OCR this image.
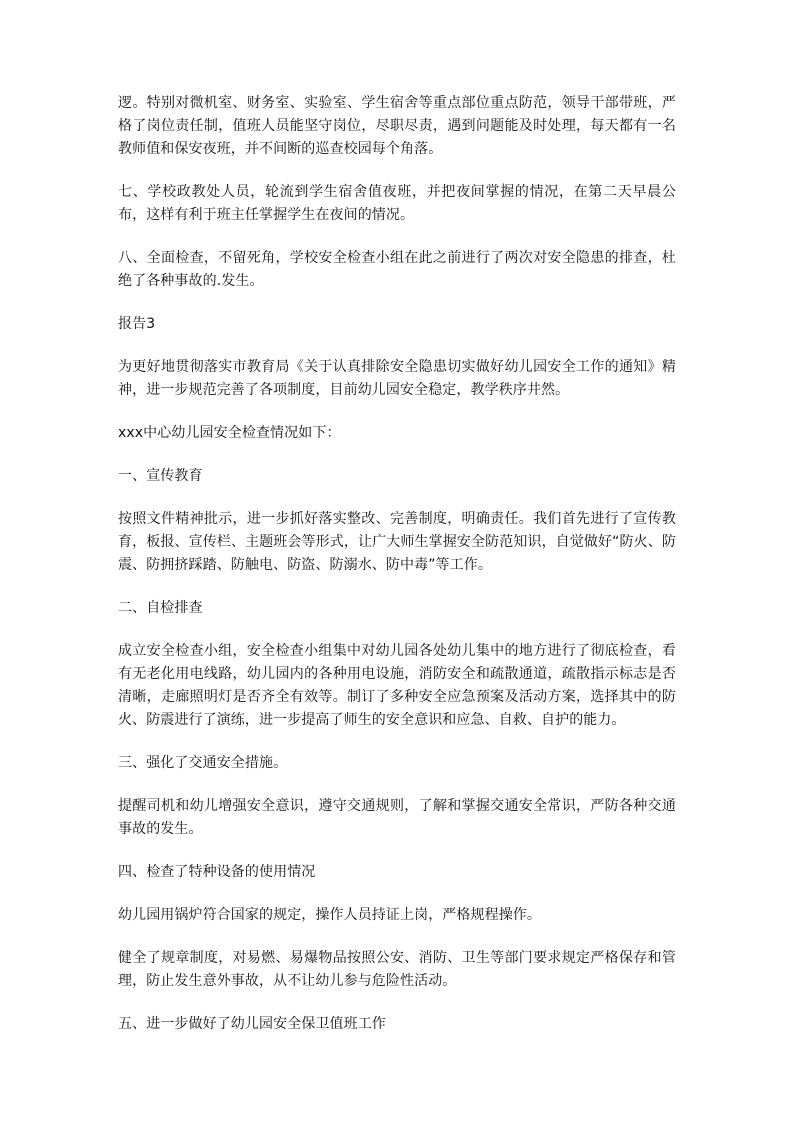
逻。特别对微机室、财务室、实验室、学生宿舍等重点部位重点防范，领导干部带班，严格了岗位责任制，值班人员能坚守岗位，尽职尽责，遇到问题能及时处理，每天都有一名教师值和保安夜班，并不间断的巡查校园每个角落。

七、学校政教处人员，轮流到学生宿舍值夜班，并把夜间掌握的情况，在第二天早晨公布，这样有利于班主任掌握学生在夜间的情况。

八、全面检查，不留死角，学校安全检查小组在此之前进行了两次对安全隐患的排查，杜绝了各种事故的.发生。

报告3

为更好地贯彻落实市教育局《关于认真排除安全隐患切实做好幼儿园安全工作的通知》精神，进一步规范完善了各项制度，目前幼儿园安全稳定，教学秩序井然。

xxx中心幼儿园安全检查情况如下：

一、宣传教育

按照文件精神批示，进一步抓好落实整改、完善制度，明确责任。我们首先进行了宣传教育，板报、宣传栏、主题班会等形式，让广大师生掌握安全防范知识，自觉做好“防火、防震、防拥挤踩踏、防触电、防盗、防溺水、防中毒”等工作。

二、自检排查

成立安全检查小组，安全检查小组集中对幼儿园各处幼儿集中的地方进行了彻底检查，看有无老化用电线路，幼儿园内的各种用电设施，消防安全和疏散通道，疏散指示标志是否清晰，走廊照明灯是否齐全有效等。制订了多种安全应急预案及活动方案，选择其中的防火、防震进行了演练，进一步提高了师生的安全意识和应急、自救、自护的能力。

三、强化了交通安全措施。

提醒司机和幼儿增强安全意识，遵守交通规则，了解和掌握交通安全常识，严防各种交通事故的发生。

四、检查了特种设备的使用情况

幼儿园用锅炉符合国家的规定，操作人员持证上岗，严格规程操作。

健全了规章制度，对易燃、易爆物品按照公安、消防、卫生等部门要求规定严格保存和管理，防止发生意外事故，从不让幼儿参与危险性活动。

五、进一步做好了幼儿园安全保卫值班工作
